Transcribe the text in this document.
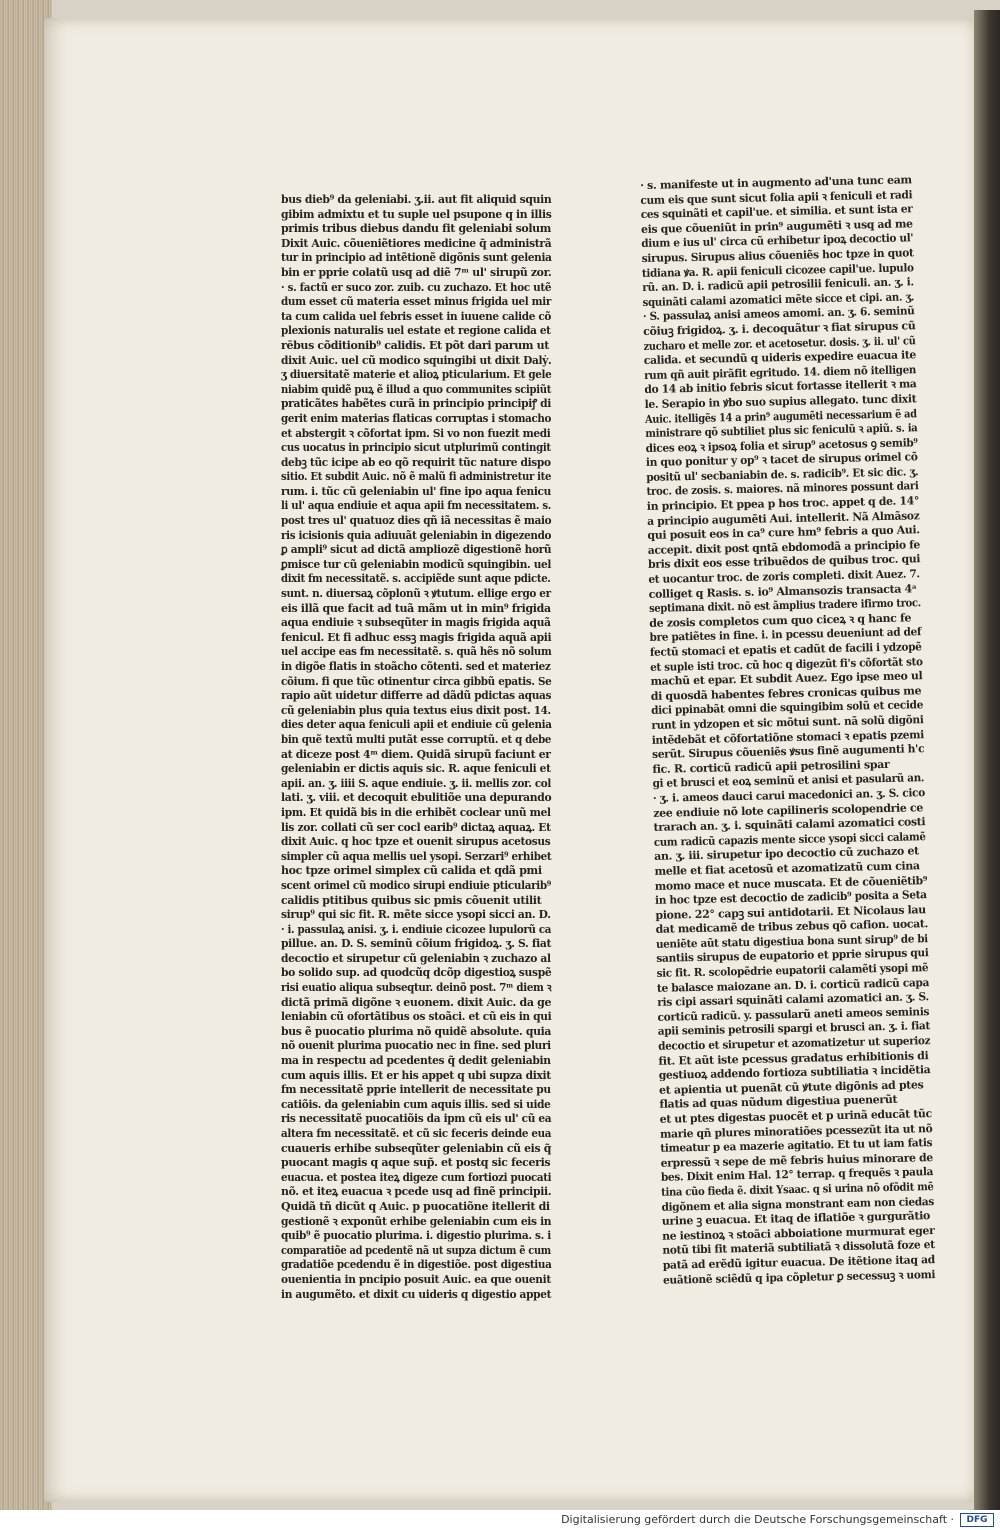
bus dieb⁹ da geleniabi. ʒ.ii. aut fit aliquid squin
gibim admixtu et tu suple uel psupone q in illis
primis tribus diebus dandu fit geleniabi solum
Dixit Auic. cõueniẽtiores medicine q̃ administrã
tur in principio ad intẽtionẽ digõnis sunt gelenia
bin er pprie colatũ usq ad diẽ 7ᵐ ul' sirupũ zor.
· s. factũ er suco zor. zuib. cu zuchazo. Et hoc utẽ
dum esset cũ materia esset minus frigida uel mir
ta cum calida uel febris esset in iuuene calide cõ
plexionis naturalis uel estate et regione calida et
rēbus cõditionib⁹ calidis. Et põt dari parum ut
dixit Auic. uel cũ modico squingibi ut dixit Dalẏ.
ʒ diuersitatẽ materie et alioꝝ pticularium. Et gele
niabim quidẽ puꝝ ẽ illud a quo communites scipiũt
praticãtes habẽtes curã in principio principiꝭ di
gerit enim materias flaticas corruptas i stomacho
et abstergit ꝛ cõfortat ipm. Si vo non fuezit medi
cus uocatus in principio sicut utplurimũ contingit
debꝫ tũc icipe ab eo qõ requirit tũc nature dispo
sitio. Et subdit Auic. nõ ẽ malũ fi administretur ite
rum. i. tũc cũ geleniabin ul' fine ipo aqua fenicu
li ul' aqua endiuie et aqua apii fm necessitatem. s.
post tres ul' quatuoz dies qñ iã necessitas ẽ maio
ris icisionis quia adiuuãt geleniabin in digezendo
ꝑ ampli⁹ sicut ad dictã ampliozẽ digestionẽ horũ
ꝑmisce tur cũ geleniabin modicũ squingibin. uel
dixit fm necessitatẽ. s. accipiẽde sunt aque pdicte.
sunt. n. diuersaꝝ cõplonũ ꝛ ꝟtutum. ellige ergo er
eis illã que facit ad tuã mãm ut in min⁹ frigida
aqua endiuie ꝛ subseqũter in magis frigida aquã
fenicul. Et fi adhuc essꝫ magis frigida aquã apii
uel accipe eas fm necessitatẽ. s. quã hẽs nõ solum
in digõe flatis in stoãcho cõtenti. sed et materiez
cõium. fi que tũc otinentur circa gibbũ epatis. Se
rapio aũt uidetur differre ad dãdũ pdictas aquas
cũ geleniabin plus quia textus eius dixit post. 14.
dies deter aqua feniculi apii et endiuie cũ gelenia
bin quẽ textũ multi putãt esse corruptũ. et q debe
at diceze post 4ᵐ diem. Quidã sirupũ faciunt er
geleniabin er dictis aquis sic. R. aque feniculi et
apii. an. ʒ. iiii S. aque endiuie. ʒ. ii. mellis zor. col
lati. ʒ. viii. et decoquit ebulitiõe una depurando
ipm. Et quidã bis in die erhibẽt coclear unũ mel
lis zor. collati cũ ser cocl earib⁹ dictaꝝ aquaꝝ. Et
dixit Auic. q hoc tpze et ouenit sirupus acetosus
simpler cũ aqua mellis uel ysopi. Serzari⁹ erhibet
hoc tpze orimel simplex cũ calida et qdã pmi
scent orimel cũ modico sirupi endiuie pticularib⁹
calidis ptitibus quibus sic pmis cõuenit utilit
sirup⁹ qui sic fit. R. mẽte sicce ysopi sicci an. D.
· i. passulaꝝ anisi. ʒ. i. endiuie cicozee lupulorũ ca
pillue. an. D. S. seminũ cõium frigidoꝝ. ʒ. S. fiat
decoctio et sirupetur cũ geleniabin ꝛ zuchazo al
bo solido sup. ad quodcũq dcõp digestioꝝ suspẽ
risi euatio aliqua subseqtur. deinõ post. 7ᵐ diem ꝛ
dictã primã digõne ꝛ euonem. dixit Auic. da ge
leniabin cũ ofortãtibus os stoãci. et cũ eis in qui
bus ẽ puocatio plurima nõ quidẽ absolute. quia
nõ ouenit plurima puocatio nec in fine. sed pluri
ma in respectu ad pcedentes q̃ dedit geleniabin
cum aquis illis. Et er his appet q ubi supza dixit
fm necessitatẽ pprie intellerit de necessitate pu
catiõis. da geleniabin cum aquis illis. sed si uide
ris necessitatẽ puocatiõis da ipm cũ eis ul' cũ ea
altera fm necessitatẽ. et cũ sic feceris deinde eua
cuaueris erhibe subseqũter geleniabin cũ eis q̃
puocant magis q aque sup̃. et postq sic feceris
euacua. et postea iteꝝ digeze cum fortiozi puocati
nõ. et iteꝝ euacua ꝛ pcede usq ad finẽ principii.
Quidã tñ dicũt q Auic. p puocatiõne itellerit di
gestionẽ ꝛ exponũt erhibe geleniabin cum eis in
quib⁹ ẽ puocatio plurima. i. digestio plurima. s. i
comparatiõe ad pcedentẽ nã ut supza dictum ẽ cum
gradatiõe pcedendu ẽ in digestiõe. post digestiua
ouenientia in pncipio posuit Auic. ea que ouenit
in augumẽto. et dixit cu uideris q digestio appet
· s. manifeste ut in augmento ad'una tunc eam
cum eis que sunt sicut folia apii ꝛ feniculi et radi
ces squinãti et capil'ue. et similia. et sunt ista er
eis que cõueniũt in prin⁹ augumẽti ꝛ usq ad me
dium e ius ul' circa cũ erhibetur ipoꝝ decoctio ul'
sirupus. Sirupus alius cõueniẽs hoc tpze in quot
tidiana ꝟa. R. apii feniculi cicozee capil'ue. lupulo
rũ. an. D. i. radicũ apii petrosilii feniculi. an. ʒ. i.
squinãti calami azomatici mẽte sicce et cipi. an. ʒ.
· S. passulaꝝ anisi ameos amomi. an. ʒ. 6. seminũ
cõiuꝫ frigidoꝝ. ʒ. i. decoquãtur ꝛ fiat sirupus cũ
zucharo et melle zor. et acetosetur. dosis. ʒ. ii. ul' cũ
calida. et secundũ q uideris expedire euacua ite
rum qñ auit pirãfit egritudo. 14. diem nõ itelligen
do 14 ab initio febris sicut fortasse itellerit ꝛ ma
le. Serapio in ꝟbo suo supius allegato. tunc dixit
Auic. itelligẽs 14 a prin⁹ augumẽti necessarium ẽ ad
ministrare qõ subtiliet plus sic feniculũ ꝛ apiũ. s. ia
dices eoꝝ ꝛ ipsoꝝ folia et sirup⁹ acetosus ꝯ semib⁹
in quo ponitur y op⁹ ꝛ tacet de sirupus orimel cõ
positũ ul' secbaniabin de. s. radicib⁹. Et sic dic. ʒ.
troc. de zosis. s. maiores. nã minores possunt dari
in principio. Et ppea p hos troc. appet q de. 14°
a principio augumẽti Aui. intellerit. Nã Almãsoz
qui posuit eos in ca⁹ cure hm⁹ febris a quo Aui.
accepit. dixit post qntã ebdomodã a principio fe
bris dixit eos esse tribuẽdos de quibus troc. qui
et uocantur troc. de zoris completi. dixit Auez. 7.
colliget q Rasis. s. io⁹ Almansozis transacta 4ᵃ
septimana dixit. nõ est ãmplius tradere ifirmo troc.
de zosis completos cum quo ciceꝝ ꝛ q hanc fe
bre patiẽtes in fine. i. in pcessu deueniunt ad def
fectũ stomaci et epatis et cadũt de facili i ydzopẽ
et suple isti troc. cũ hoc q digezũt fi's cõfortãt sto
machũ et epar. Et subdit Auez. Ego ipse meo ul
di quosdã habentes febres cronicas quibus me
dici ppinabãt omni die squingibim solũ et cecide
runt in ydzopen et sic mõtui sunt. nã solũ digõni
intẽdebãt et cõfortatiõne stomaci ꝛ epatis pzemi
serũt. Sirupus cõueniẽs ꝟsus finẽ augumenti h'c
fic. R. corticũ radicũ apii petrosilini spar
gi et brusci et eoꝝ seminũ et anisi et pasularũ an.
· ʒ. i. ameos dauci carui macedonici an. ʒ. S. cico
zee endiuie nõ lote capilineris scolopendrie ce
trarach an. ʒ. i. squinãti calami azomatici costi
cum radicũ capazis mente sicce ysopi sicci calamẽ
an. ʒ. iii. sirupetur ipo decoctio cũ zuchazo et
melle et fiat acetosũ et azomatizatũ cum cina
momo mace et nuce muscata. Et de cõueniẽtib⁹
in hoc tpze est decoctio de zadicib⁹ posita a Seta
pione. 22° capꝫ sui antidotarii. Et Nicolaus lau
dat medicamẽ de tribus zebus qõ cafion. uocat.
ueniẽte aũt statu digestiua bona sunt sirup⁹ de bi
santiis sirupus de eupatorio et pprie sirupus qui
sic fit. R. scolopẽdrie eupatorii calamẽti ysopi mẽ
te balasce maiozane an. D. i. corticũ radicũ capa
ris cipi assari squinãti calami azomatici an. ʒ. S.
corticũ radicũ. y. passularũ aneti ameos seminis
apii seminis petrosili spargi et brusci an. ʒ. i. fiat
decoctio et sirupetur et azomatizetur ut superioz
fit. Et aũt iste pcessus gradatus erhibitionis di
gestiuoꝝ addendo fortioza subtiliatia ꝛ incidẽtia
et apientia ut puenãt cũ ꝟtute digõnis ad ptes
flatis ad quas nũdum digestiua puenerũt
et ut ptes digestas puocẽt et p urinã educãt tũc
marie qñ plures minoratiões pcessezũt ita ut nõ
timeatur p ea mazerie agitatio. Et tu ut iam fatis
erpressũ ꝛ sepe de mẽ febris huius minorare de
bes. Dixit enim Hal. 12° terrap. q frequẽs ꝛ paula
tina cũo fieda ẽ. dixit Ysaac. q si urina nõ ofõdit mẽ
digõnem et alia signa monstrant eam non ciedas
urine ꝫ euacua. Et itaq de iflatiõe ꝛ gurgurãtio
ne iestinoꝝ ꝛ stoãci abboiatione murmurat eger
notũ tibi fit materiã subtiliatã ꝛ dissolutã foze et
patã ad erẽdũ igitur euacua. De itẽtione itaq ad
euãtionẽ sciẽdũ q ipa cõpletur ꝑ secessuꝫ ꝛ uomi
Digitalisierung gefördert durch die Deutsche Forschungsgemeinschaft ·	DFG
